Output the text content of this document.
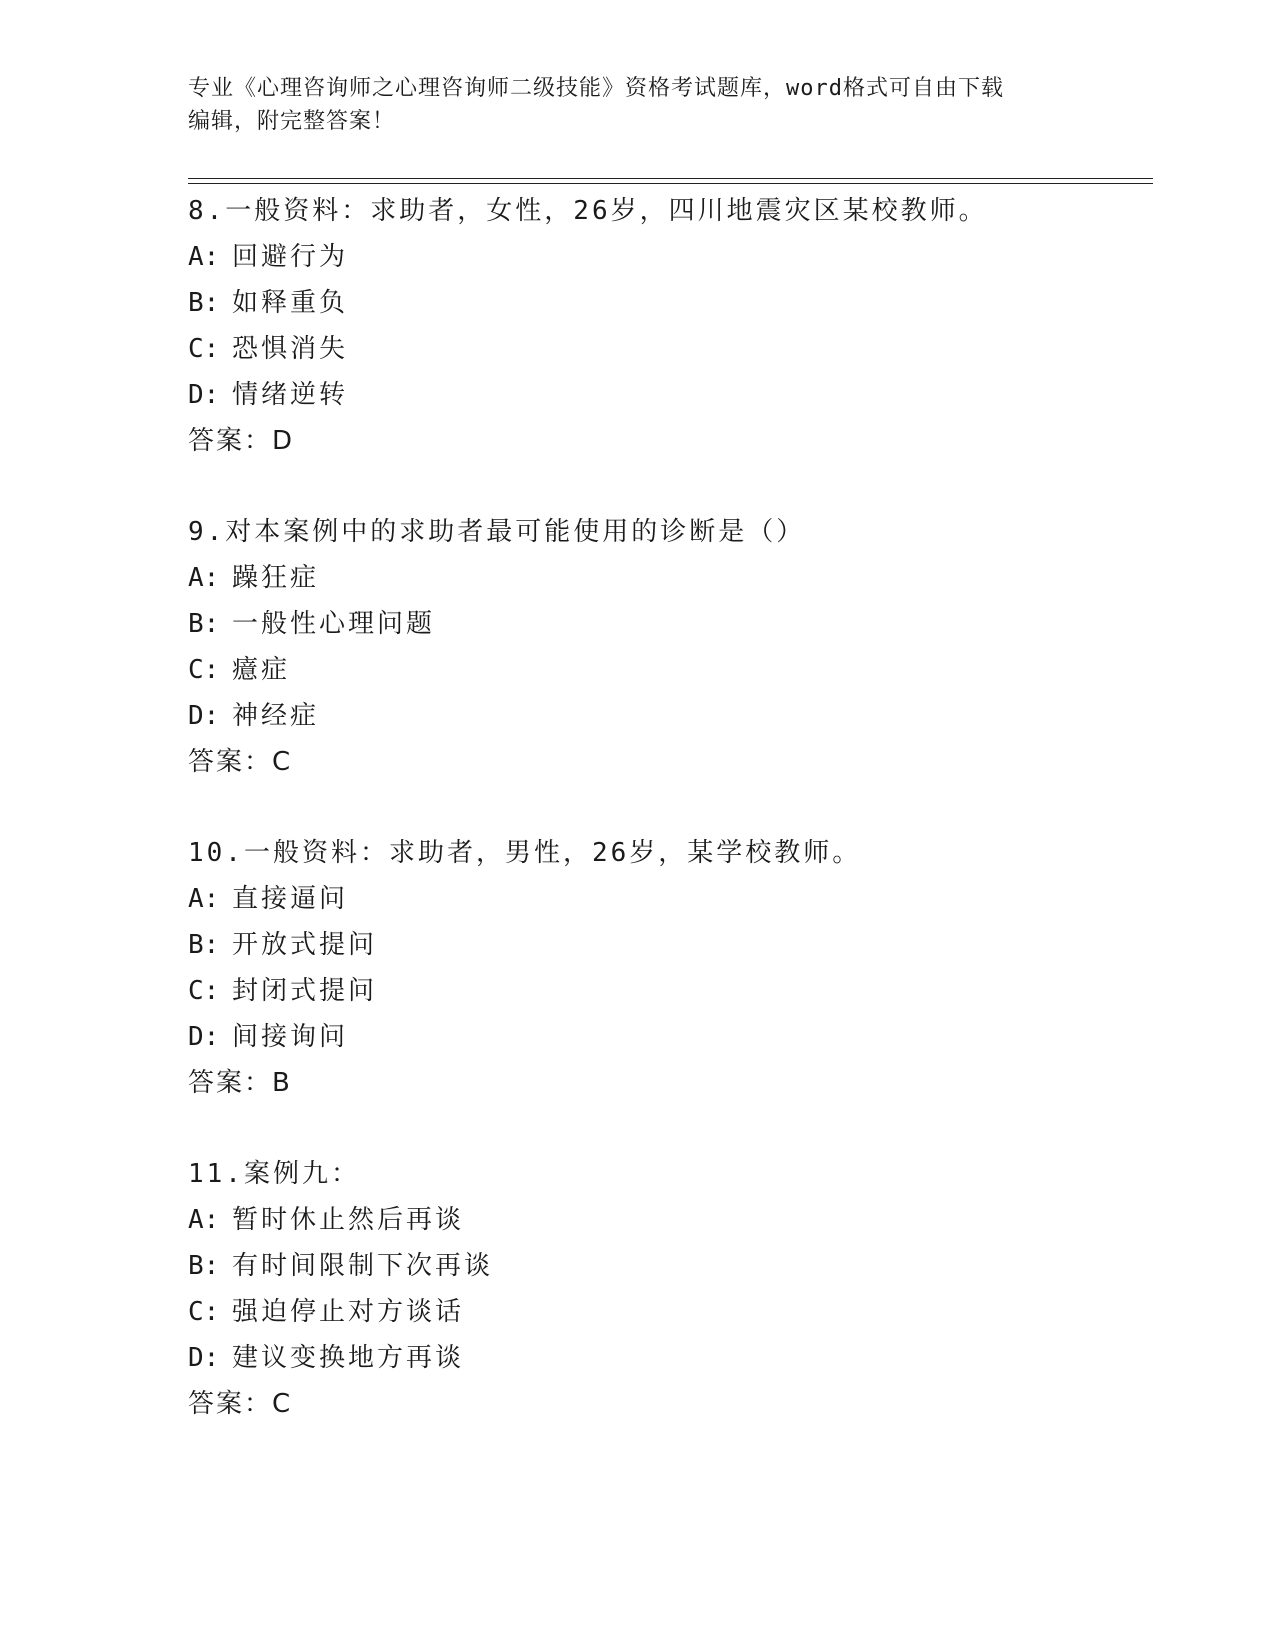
专业《心理咨询师之心理咨询师二级技能》资格考试题库，word格式可自由下载
编辑，附完整答案！
8.一般资料：求助者，女性，26岁，四川地震灾区某校教师。
A: 回避行为
B: 如释重负
C: 恐惧消失
D: 情绪逆转
答案：D
9.对本案例中的求助者最可能使用的诊断是（）
A: 躁狂症
B: 一般性心理问题
C: 癔症
D: 神经症
答案：C
10.一般资料：求助者，男性，26岁，某学校教师。
A: 直接逼问
B: 开放式提问
C: 封闭式提问
D: 间接询问
答案：B
11.案例九：
A: 暂时休止然后再谈
B: 有时间限制下次再谈
C: 强迫停止对方谈话
D: 建议变换地方再谈
答案：C
